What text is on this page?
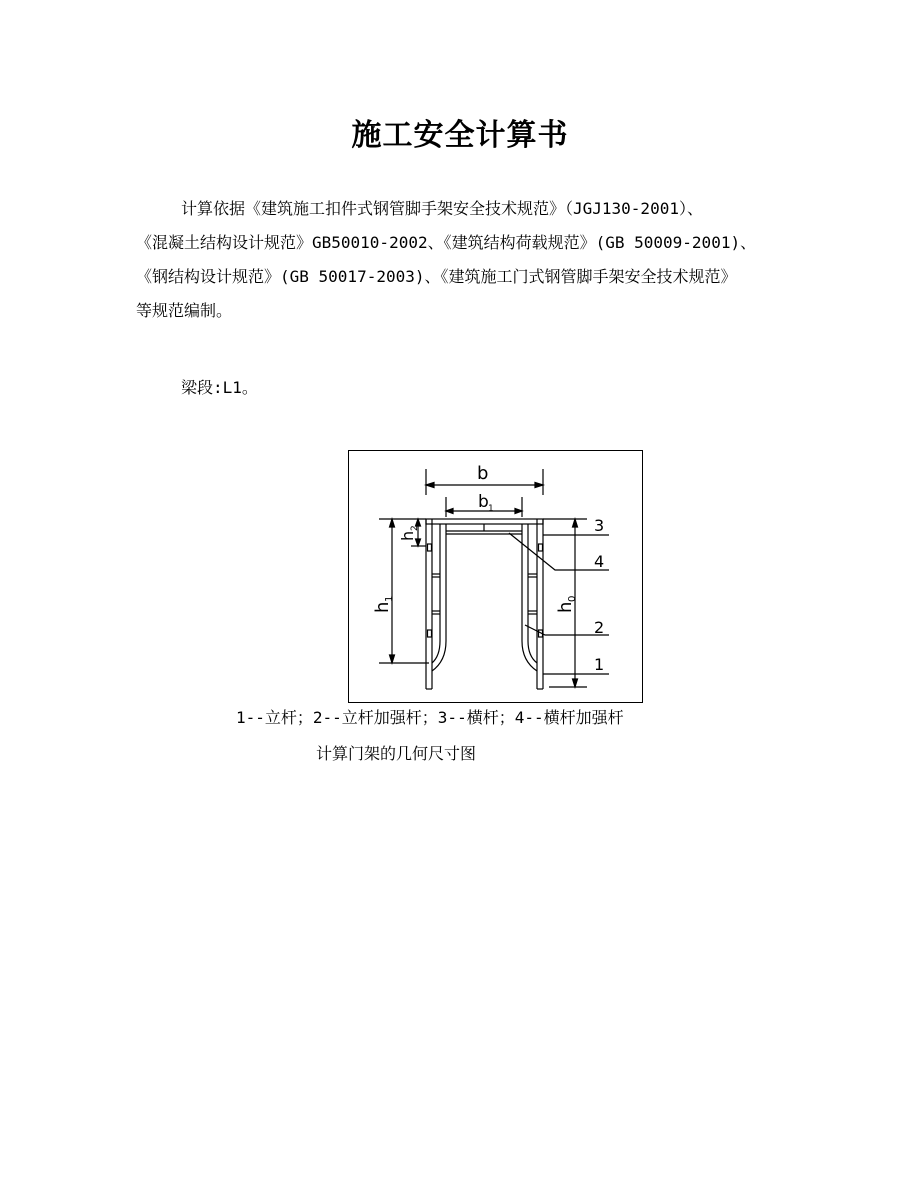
施工安全计算书
计算依据《建筑施工扣件式钢管脚手架安全技术规范》（JGJ130-2001）、
《混凝土结构设计规范》GB50010-2002、《建筑结构荷载规范》(GB 50009-2001)、
《钢结构设计规范》(GB 50017-2003)、《建筑施工门式钢管脚手架安全技术规范》
等规范编制。
梁段:L1。
b
b 1
h
2
h
1
h
0
3
4
2
1
1--立杆；2--立杆加强杆；3--横杆；4--横杆加强杆
计算门架的几何尺寸图
